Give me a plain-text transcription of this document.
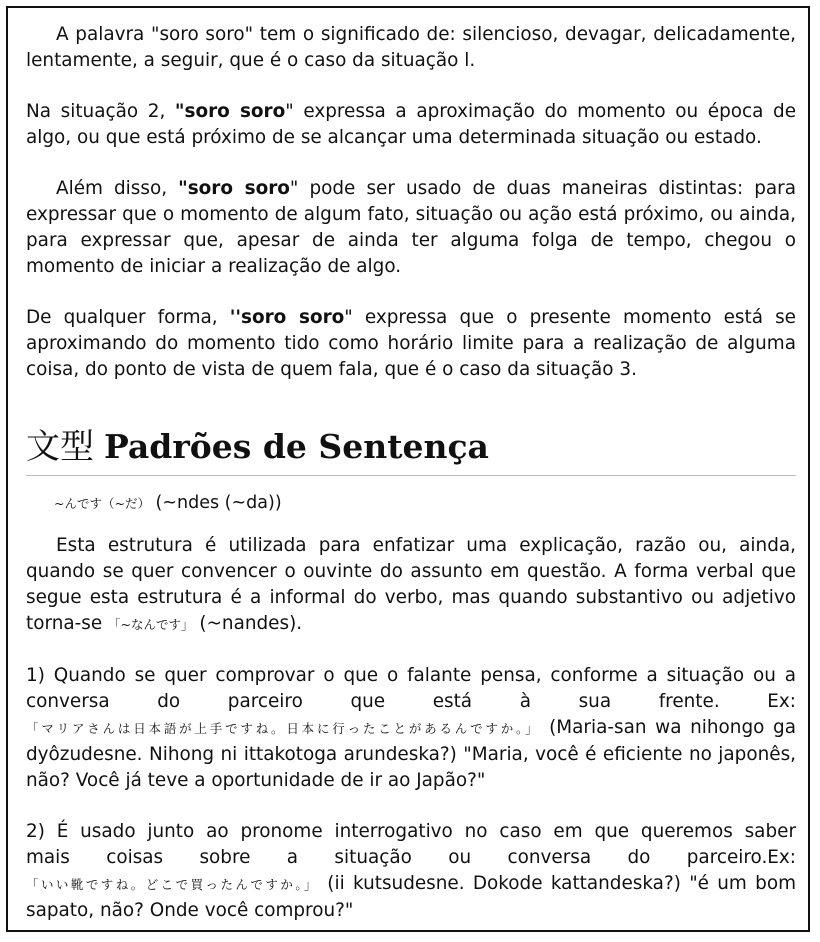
A palavra "soro soro" tem o significado de: silencioso, devagar, delicadamente, lentamente, a seguir, que é o caso da situação l.

Na situação 2, "soro soro" expressa a aproximação do momento ou época de algo, ou que está próximo de se alcançar uma determinada situação ou estado.

Além disso, "soro soro" pode ser usado de duas maneiras distintas: para expressar que o momento de algum fato, situação ou ação está próximo, ou ainda, para expressar que, apesar de ainda ter alguma folga de tempo, chegou o momento de iniciar a realização de algo.

De qualquer forma, ''soro soro" expressa que o presente momento está se aproximando do momento tido como horário limite para a realização de alguma coisa, do ponto de vista de quem fala, que é o caso da situação 3.

文型 Padrões de Sentença
~んです（~だ） (~ndes (~da))

Esta estrutura é utilizada para enfatizar uma explicação, razão ou, ainda, quando se quer convencer o ouvinte do assunto em questão. A forma verbal que segue esta estrutura é a informal do verbo, mas quando substantivo ou adjetivo torna-se 「~なんです」 (~nandes).

1) Quando se quer comprovar o que o falante pensa, conforme a situação ou a

conversa do parceiro que está à sua frente. Ex:

「マリアさんは日本語が上手ですね。日本に行ったことがあるんですか。」 (Maria-san wa nihongo ga dyôzudesne. Nihong ni ittakotoga arundeska?) "Maria, você é eficiente no japonês, não? Você já teve a oportunidade de ir ao Japão?"

2) É usado junto ao pronome interrogativo no caso em que queremos saber

mais coisas sobre a situação ou conversa do parceiro.Ex:

「いい靴ですね。どこで買ったんですか。」 (ii kutsudesne. Dokode kattandeska?) "é um bom sapato, não? Onde você comprou?"
